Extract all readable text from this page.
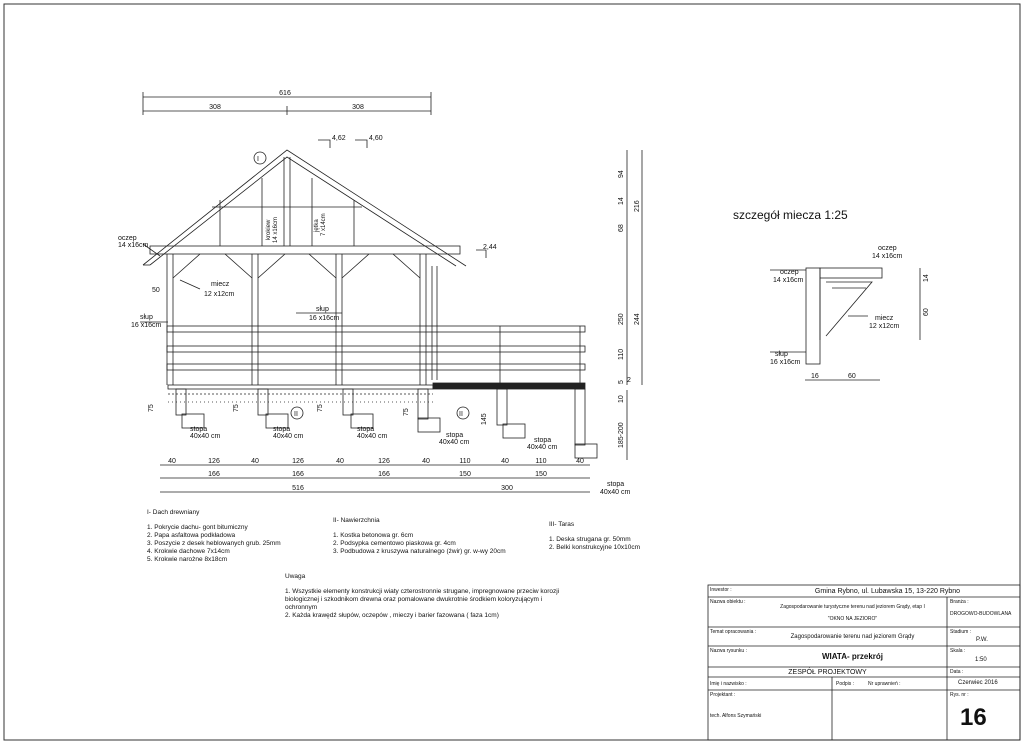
616
308	308
4,62	4,60
2,44
I
II	II
oczep
14 x16cm
miecz
12 x12cm
słup
16 x16cm
słup
16 x16cm
50
krokiew 14 x16cm	jętka 7 x14cm
stopa
40x40 cm
stopa
40x40 cm
stopa
40x40 cm	stopa
40x40 cm	stopa
40x40 cm
stopa
40x40 cm
75	75	75
75
145
94
14 216
68
250 244
110
5 2
10
185-200
40	126	40	126	40	126	40	110	40	110	40
166	166	166	150	150
516	300
szczegół miecza 1:25
oczep
14 x16cm
oczep
14 x16cm
miecz
12 x12cm
słup
16 x16cm
16	60
14
60
I- Dach drewniany
1. Pokrycie dachu- gont bitumiczny
2. Papa asfaltowa podkładowa
3. Poszycie z desek heblowanych grub. 25mm
4. Krokwie dachowe 7x14cm
5. Krokwie narożne 8x18cm
II- Nawierzchnia
1. Kostka betonowa gr. 6cm
2. Podsypka cementowo piaskowa gr. 4cm
3. Podbudowa z kruszywa naturalnego (żwir) gr. w-wy 20cm
III- Taras
1. Deska strugana gr. 50mm
2. Belki konstrukcyjne 10x10cm
Uwaga
1. Wszystkie elementy konstrukcji wiaty czterostronnie strugane, impregnowane przeciw korozji biologicznej i szkodnikom drewna oraz pomalowane dwukrotnie środkiem koloryzującym i ochronnym
2. Każda krawędź słupów, oczepów , mieczy i barier fazowana ( faza 1cm)
Inwestor :	Gmina Rybno, ul. Lubawska 15, 13-220 Rybno
Nazwa obiektu :
Zagospodarowanie turystyczne terenu nad jeziorem Grądy, etap I
"OKNO NA JEZIORO"
Branża :
DROGOWO-BUDOWLANA
Temat opracowania :
Zagospodarowanie terenu nad jeziorem Grądy
Stadium :
P.W.
Nazwa rysunku :
WIATA- przekrój
Skala :
1:50
ZESPÓŁ PROJEKTOWY	Data :
Czerwiec 2016
Imię i nazwisko :	Podpis :	Nr uprawnień :
Projektant :
tech. Alfons Szymański
Rys. nr :
16
